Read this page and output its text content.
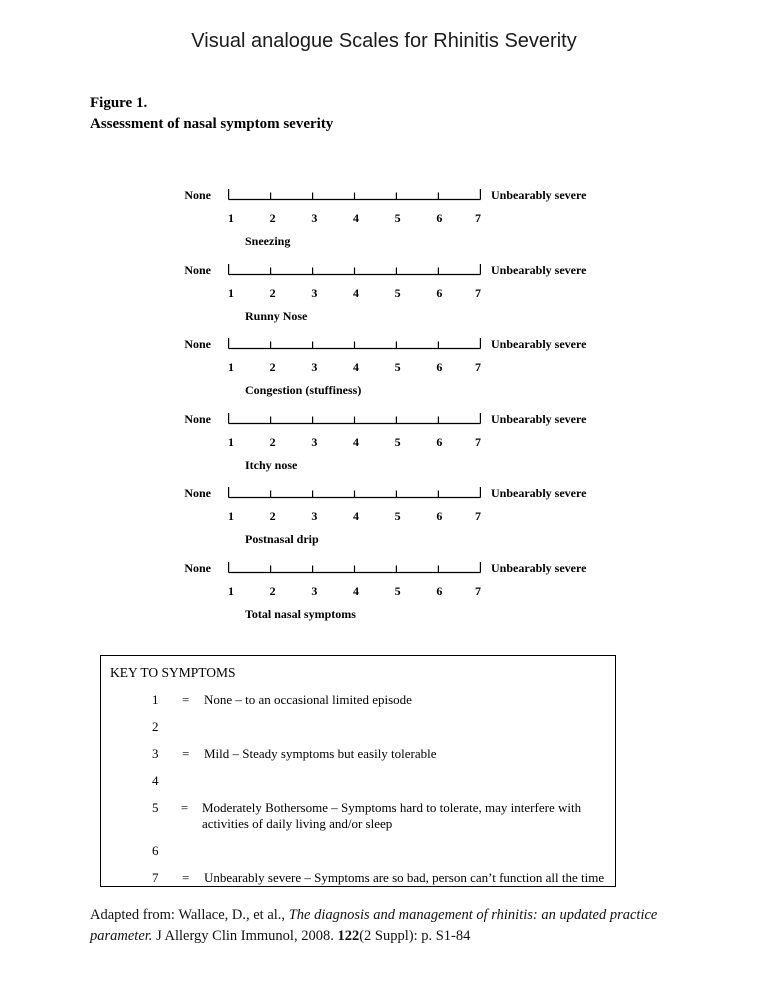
Visual analogue Scales for Rhinitis Severity
Figure 1.
Assessment of nasal symptom severity
None
1	2	3	4	5	6	7
Sneezing
Unbearably severe
None
1	2	3	4	5	6	7
Runny Nose
Unbearably severe
None
1	2	3	4	5	6	7
Congestion (stuffiness)
Unbearably severe
None
1	2	3	4	5	6	7
Itchy nose
Unbearably severe
None
1	2	3	4	5	6	7
Postnasal drip
Unbearably severe
None
1	2	3	4	5	6	7
Total nasal symptoms
Unbearably severe
KEY TO SYMPTOMS
1	=	None – to an occasional limited episode
2
3	=	Mild – Steady symptoms but easily tolerable
4
5	=	Moderately Bothersome – Symptoms hard to tolerate, may interfere with activities of daily living and/or sleep
6
7	=	Unbearably severe – Symptoms are so bad, person can’t function all the time
Adapted from: Wallace, D., et al., The diagnosis and management of rhinitis: an updated practice parameter. J Allergy Clin Immunol, 2008. 122(2 Suppl): p. S1-84
